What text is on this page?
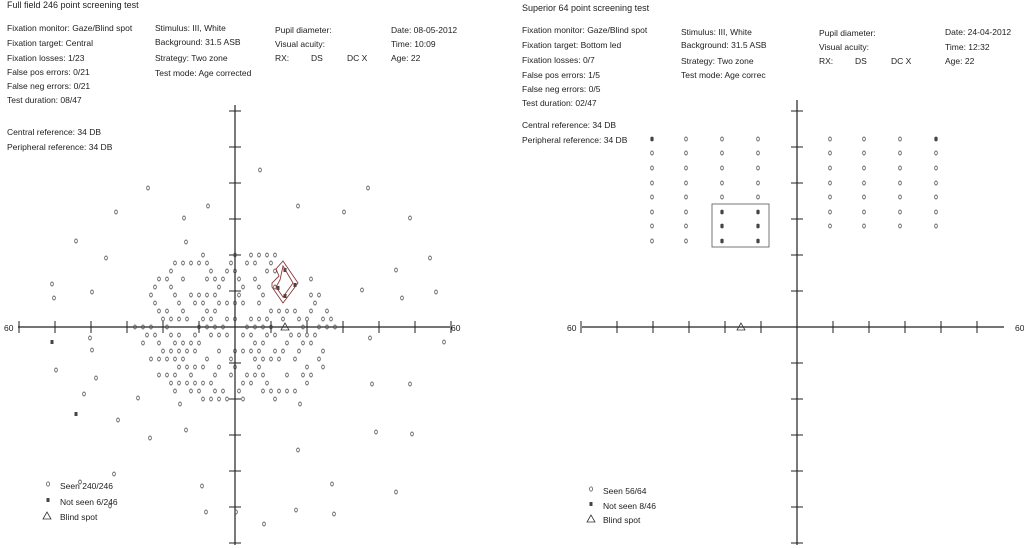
Full field 246 point screening test
Fixation monitor: Gaze/Blind spot
Fixation target: Central
Fixation losses: 1/23
False pos errors: 0/21
False neg errors: 0/21
Test duration: 08/47
Stimulus: III, White
Background: 31.5 ASB
Strategy: Two zone
Test mode: Age corrected
Pupil diameter:
Visual acuity:
RX:	DS	DC X
Date: 08-05-2012
Time: 10:09
Age: 22
Central reference: 34 DB
Peripheral reference: 34 DB
60	60
Seen 240/246
Not seen 6/246
Blind spot
Superior 64 point screening test
Fixation monitor: Gaze/Blind spot
Fixation target: Bottom led
Fixation losses: 0/7
False pos errors: 1/5
False neg errors: 0/5
Test duration: 02/47
Stimulus: III, White
Background: 31.5 ASB
Strategy: Two zone
Test mode: Age correc
Pupil diameter:
Visual acuity:
RX:	DS	DC X
Date: 24-04-2012
Time: 12:32
Age: 22
Central reference: 34 DB
Peripheral reference: 34 DB
60	60
Seen 56/64
Not seen 8/46
Blind spot
